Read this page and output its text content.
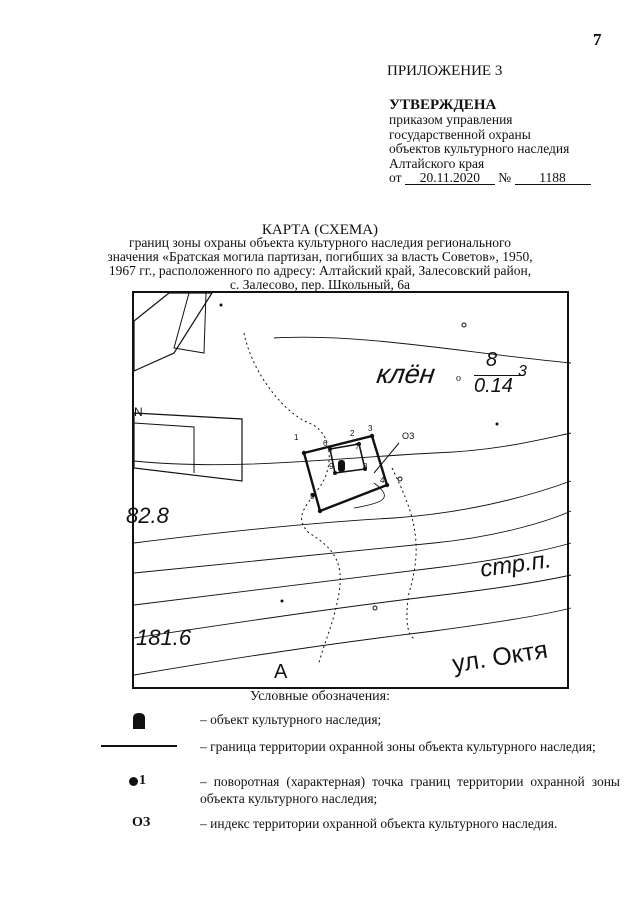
7
ПРИЛОЖЕНИЕ 3
УТВЕРЖДЕНА
приказом управления
государственной охраны
объектов культурного наследия
Алтайского края
от 20.11.2020 № 1188
КАРТА (СХЕМА)
границ зоны охраны объекта культурного наследия регионального
значения «Братская могила партизан, погибших за власть Советов», 1950,
1967 гг., расположенного по адресу: Алтайский край, Залесовский район,
с. Залесово, пер. Школьный, 6а
1	2
3
4
5
6	7
8
9
ОЗ
клён o
8
0.14
3
стр.п.
ул. Октя
82.8
181.6
N
A
Условные обозначения:
– объект культурного наследия;
– граница территории охранной зоны объекта культурного наследия;
1	– поворотная (характерная) точка границ территории охранной зоны объекта культурного наследия;
ОЗ	– индекс территории охранной объекта культурного наследия.
